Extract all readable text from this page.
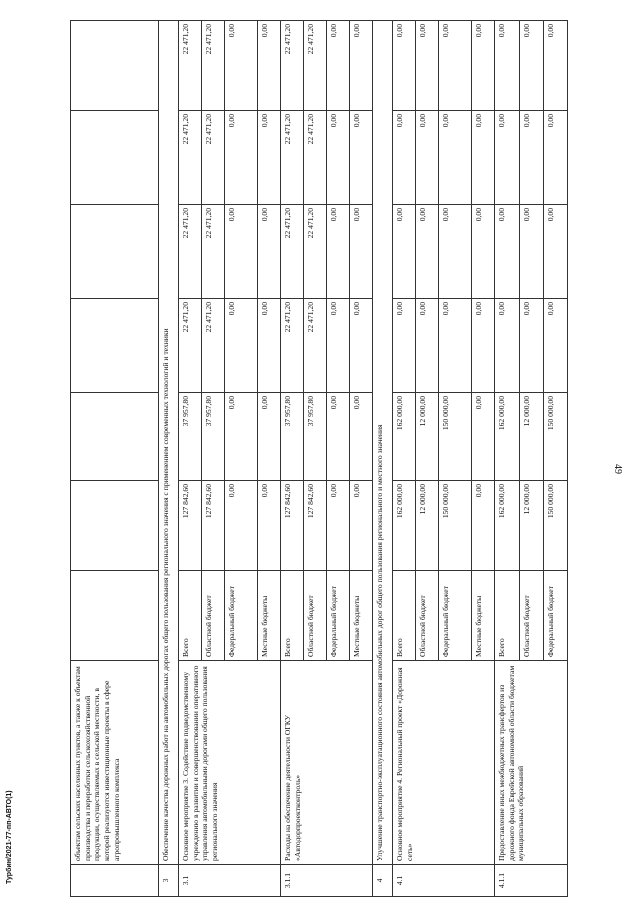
Турбин/2021-77-пп-АВТО(1)
		объектам сельских населенных пунктов, а также к объектам производства и переработки сельскохозяйственной продукции, осуществляемых в сельской местности, в которой реализуются инвестиционные проекты в сфере агропромышленного комплекса							
3	Обеспечение качества дорожных работ на автомобильных дорогах общего пользования регионального значения с применением современных технологий и техники							
3.1	Основное мероприятие 3. Содействие подведомственному учреждению в развитии и совершенствовании оперативного управления автомобильными дорогами общего пользования регионального значения	Всего	127 842,60	37 957,80	22 471,20	22 471,20	22 471,20	22 471,20
		Областной бюджет	127 842,60	37 957,80	22 471,20	22 471,20	22 471,20	22 471,20
		Федеральный бюджет	0,00	0,00	0,00	0,00	0,00	0,00
		Местные бюджеты	0,00	0,00	0,00	0,00	0,00	0,00
3.1.1	Расходы на обеспечение деятельности ОГКУ «Автодорпроектконтроль»	Всего	127 842,60	37 957,80	22 471,20	22 471,20	22 471,20	22 471,20
		Областной бюджет	127 842,60	37 957,80	22 471,20	22 471,20	22 471,20	22 471,20
		Федеральный бюджет	0,00	0,00	0,00	0,00	0,00	0,00
		Местные бюджеты	0,00	0,00	0,00	0,00	0,00	0,00
4	Улучшение транспортно-эксплуатационного состояния автомобильных дорог общего пользования регионального и местного значения							
4.1	Основное мероприятие 4. Региональный проект «Дорожная сеть»	Всего	162 000,00	162 000,00	0,00	0,00	0,00	0,00
		Областной бюджет	12 000,00	12 000,00	0,00	0,00	0,00	0,00
		Федеральный бюджет	150 000,00	150 000,00	0,00	0,00	0,00	0,00
		Местные бюджеты	0,00	0,00	0,00	0,00	0,00	0,00
4.1.1	Предоставление иных межбюджетных трансфертов из дорожного фонда Еврейской автономной области бюджетам муниципальных образований	Всего	162 000,00	162 000,00	0,00	0,00	0,00	0,00
		Областной бюджет	12 000,00	12 000,00	0,00	0,00	0,00	0,00
		Федеральный бюджет	150 000,00	150 000,00	0,00	0,00	0,00	0,00
49
